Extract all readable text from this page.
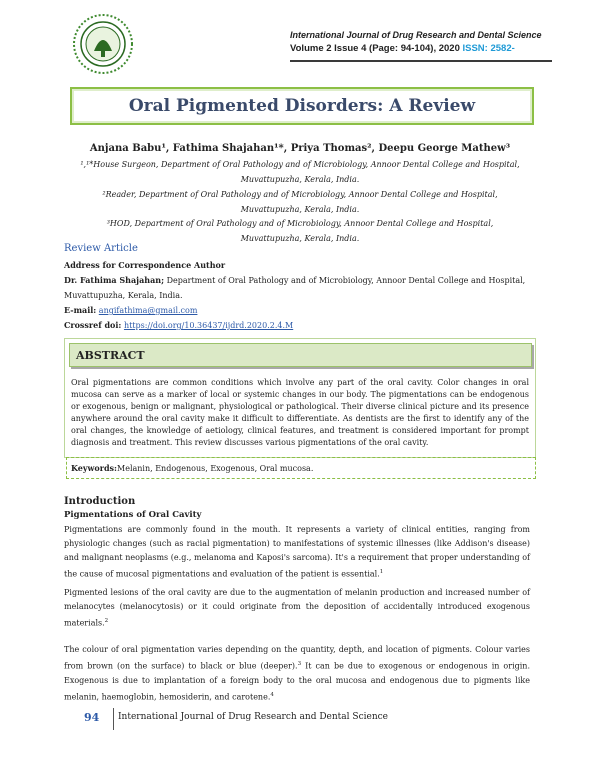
International Journal of Drug Research and Dental Science
Volume 2 Issue 4 (Page: 94-104), 2020 ISSN: 2582-
Oral Pigmented Disorders: A Review
Anjana Babu¹, Fathima Shajahan¹*, Priya Thomas², Deepu George Mathew³
¹,¹*House Surgeon, Department of Oral Pathology and of Microbiology, Annoor Dental College and Hospital,
Muvattupuzha, Kerala, India.
²Reader, Department of Oral Pathology and of Microbiology, Annoor Dental College and Hospital,
Muvattupuzha, Kerala, India.
³HOD, Department of Oral Pathology and of Microbiology, Annoor Dental College and Hospital,
Muvattupuzha, Kerala, India.
Review Article
Address for Correspondence Author
Dr. Fathima Shajahan; Department of Oral Pathology and of Microbiology, Annoor Dental College and Hospital, Muvattupuzha, Kerala, India.
E-mail: angifathima@gmail.com
Crossref doi: https://doi.org/10.36437/ijdrd.2020.2.4.M
ABSTRACT
Oral pigmentations are common conditions which involve any part of the oral cavity. Color changes in oral mucosa can serve as a marker of local or systemic changes in our body. The pigmentations can be endogenous or exogenous, benign or malignant, physiological or pathological. Their diverse clinical picture and its presence anywhere around the oral cavity make it difficult to differentiate. As dentists are the first to identify any of the oral changes, the knowledge of aetiology, clinical features, and treatment is considered important for prompt diagnosis and treatment. This review discusses various pigmentations of the oral cavity.
Keywords: Melanin, Endogenous, Exogenous, Oral mucosa.
Introduction
Pigmentations of Oral Cavity
Pigmentations are commonly found in the mouth. It represents a variety of clinical entities, ranging from physiologic changes (such as racial pigmentation) to manifestations of systemic illnesses (like Addison's disease) and malignant neoplasms (e.g., melanoma and Kaposi's sarcoma). It's a requirement that proper understanding of the cause of mucosal pigmentations and evaluation of the patient is essential.$^1$
Pigmented lesions of the oral cavity are due to the augmentation of melanin production and increased number of melanocytes (melanocytosis) or it could originate from the deposition of accidentally introduced exogenous materials.$^2$
The colour of oral pigmentation varies depending on the quantity, depth, and location of pigments. Colour varies from brown (on the surface) to black or blue (deeper).$^3$ It can be due to exogenous or endogenous in origin. Exogenous is due to implantation of a foreign body to the oral mucosa and endogenous due to pigments like melanin, haemoglobin, hemosiderin, and carotene.$^4$
94 International Journal of Drug Research and Dental Science
